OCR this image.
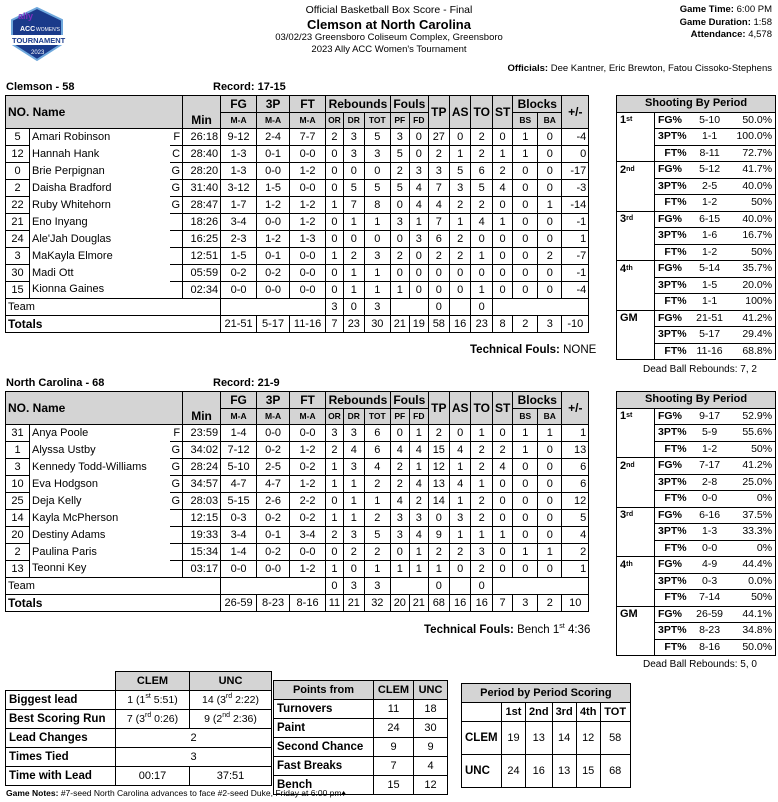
ally
ACC WOMEN'S
TOURNAMENT
2023
Official Basketball Box Score - Final
Clemson at North Carolina
03/02/23 Greensboro Coliseum Complex, Greensboro
2023 Ally ACC Women's Tournament
Game Time: 6:00 PM
Game Duration: 1:58
Attendance: 4,578
Officials: Dee Kantner, Eric Brewton, Fatou Cissoko-Stephens
Clemson - 58	Record: 17-15
NO. Name			Min	FG	3P	FT	Rebounds			Fouls		TP	AS	TO	ST	Blocks		+/-
				M-A	M-A	M-A	OR	DR	TOT	PF	FD					BS	BA	
5	Amari Robinson	F	26:18	9-12	2-4	7-7	2	3	5	3	0	27	0	2	0	1	0	-4
12	Hannah Hank	C	28:40	1-3	0-1	0-0	0	3	3	5	0	2	1	2	1	1	0	0
0	Brie Perpignan	G	28:20	1-3	0-0	1-2	0	0	0	2	3	3	5	6	2	0	0	-17
2	Daisha Bradford	G	31:40	3-12	1-5	0-0	0	5	5	5	4	7	3	5	4	0	0	-3
22	Ruby Whitehorn	G	28:47	1-7	1-2	1-2	1	7	8	0	4	4	2	2	0	0	1	-14
21	Eno Inyang		18:26	3-4	0-0	1-2	0	1	1	3	1	7	1	4	1	0	0	-1
24	Ale'Jah Douglas		16:25	2-3	1-2	1-3	0	0	0	0	3	6	2	0	0	0	0	1
3	MaKayla Elmore		12:51	1-5	0-1	0-0	1	2	3	2	0	2	2	1	0	0	2	-7
30	Madi Ott		05:59	0-2	0-2	0-0	0	1	1	0	0	0	0	0	0	0	0	-1
15	Kionna Gaines		02:34	0-0	0-0	0-0	0	1	1	1	0	0	0	1	0	0	0	-4
Team							3	0	3			0		0				
Totals				21-51	5-17	11-16	7	23	30	21	19	58	16	23	8	2	3	-10
Technical Fouls: NONE
Shooting By Period			
1st	FG%	5-10	50.0%
	3PT%	1-1	100.0%
	FT%	8-11	72.7%
2nd	FG%	5-12	41.7%
	3PT%	2-5	40.0%
	FT%	1-2	50%
3rd	FG%	6-15	40.0%
	3PT%	1-6	16.7%
	FT%	1-2	50%
4th	FG%	5-14	35.7%
	3PT%	1-5	20.0%
	FT%	1-1	100%
GM	FG%	21-51	41.2%
	3PT%	5-17	29.4%
	FT%	11-16	68.8%
Dead Ball Rebounds: 7, 2
North Carolina - 68	Record: 21-9
NO. Name			Min	FG	3P	FT	Rebounds			Fouls		TP	AS	TO	ST	Blocks		+/-
				M-A	M-A	M-A	OR	DR	TOT	PF	FD					BS	BA	
31	Anya Poole	F	23:59	1-4	0-0	0-0	3	3	6	0	1	2	0	1	0	1	1	1
1	Alyssa Ustby	G	34:02	7-12	0-2	1-2	2	4	6	4	4	15	4	2	2	1	0	13
3	Kennedy Todd-Williams	G	28:24	5-10	2-5	0-2	1	3	4	2	1	12	1	2	4	0	0	6
10	Eva Hodgson	G	34:57	4-7	4-7	1-2	1	1	2	2	4	13	4	1	0	0	0	6
25	Deja Kelly	G	28:03	5-15	2-6	2-2	0	1	1	4	2	14	1	2	0	0	0	12
14	Kayla McPherson		12:15	0-3	0-2	0-2	1	1	2	3	3	0	3	2	0	0	0	5
20	Destiny Adams		19:33	3-4	0-1	3-4	2	3	5	3	4	9	1	1	1	0	0	4
2	Paulina Paris		15:34	1-4	0-2	0-0	0	2	2	0	1	2	2	3	0	1	1	2
13	Teonni Key		03:17	0-0	0-0	1-2	1	0	1	1	1	1	0	2	0	0	0	1
Team							0	3	3			0		0				
Totals				26-59	8-23	8-16	11	21	32	20	21	68	16	16	7	3	2	10
Technical Fouls: Bench 1st 4:36
Shooting By Period			
1st	FG%	9-17	52.9%
	3PT%	5-9	55.6%
	FT%	1-2	50%
2nd	FG%	7-17	41.2%
	3PT%	2-8	25.0%
	FT%	0-0	0%
3rd	FG%	6-16	37.5%
	3PT%	1-3	33.3%
	FT%	0-0	0%
4th	FG%	4-9	44.4%
	3PT%	0-3	0.0%
	FT%	7-14	50%
GM	FG%	26-59	44.1%
	3PT%	8-23	34.8%
	FT%	8-16	50.0%
Dead Ball Rebounds: 5, 0
	CLEM	UNC
Biggest lead	1 (1st 5:51)	14 (3rd 2:22)
Best Scoring Run	7 (3rd 0:26)	9 (2nd 2:36)
Lead Changes	2	
Times Tied	3	
Time with Lead	00:17	37:51
Points from	CLEM	UNC
Turnovers	11	18
Paint	24	30
Second Chance	9	9
Fast Breaks	7	4
Bench	15	12
Period by Period Scoring					
	1st	2nd	3rd	4th	TOT
CLEM	19	13	14	12	58
UNC	24	16	13	15	68
Game Notes: #7-seed North Carolina advances to face #2-seed Duke, Friday at 6:00 pm♦
